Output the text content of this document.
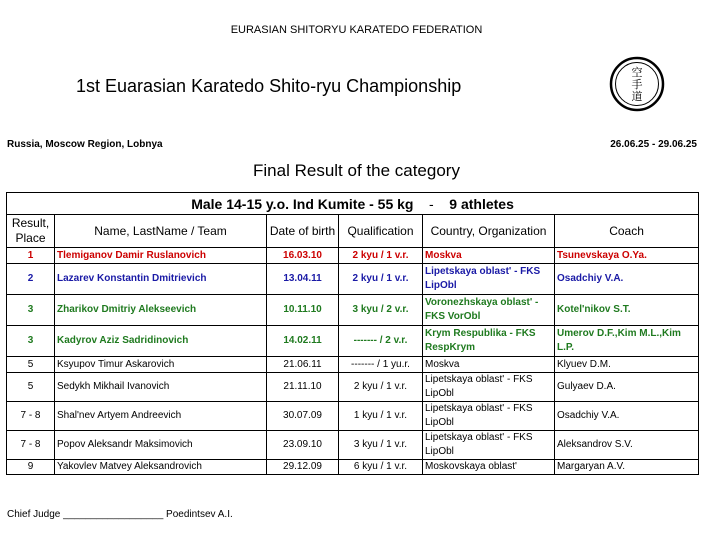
EURASIAN SHITORYU KARATEDO FEDERATION
1st Euarasian Karatedo Shito-ryu Championship
空
手
道
Russia, Moscow Region, Lobnya	26.06.25 - 29.06.25
Final Result of the category
Male 14-15 y.o. Ind Kumite - 55 kg - 9 athletes					
Result, Place	Name, LastName / Team	Date of birth	Qualification	Country, Organization	Coach
1	Tlemiganov Damir Ruslanovich	16.03.10	2 kyu / 1 v.r.	Moskva	Tsunevskaya O.Ya.
2	Lazarev Konstantin Dmitrievich	13.04.11	2 kyu / 1 v.r.	Lipetskaya oblast' - FKS LipObl	Osadchiy V.A.
3	Zharikov Dmitriy Alekseevich	10.11.10	3 kyu / 2 v.r.	Voronezhskaya oblast' - FKS VorObl	Kotel'nikov S.T.
3	Kadyrov Aziz Sadridinovich	14.02.11	------- / 2 v.r.	Krym Respublika - FKS RespKrym	Umerov D.F.,Kim M.L.,Kim L.P.
5	Ksyupov Timur Askarovich	21.06.11	------- / 1 yu.r.	Moskva	Klyuev D.M.
5	Sedykh Mikhail Ivanovich	21.11.10	2 kyu / 1 v.r.	Lipetskaya oblast' - FKS LipObl	Gulyaev D.A.
7 - 8	Shal'nev Artyem Andreevich	30.07.09	1 kyu / 1 v.r.	Lipetskaya oblast' - FKS LipObl	Osadchiy V.A.
7 - 8	Popov Aleksandr Maksimovich	23.09.10	3 kyu / 1 v.r.	Lipetskaya oblast' - FKS LipObl	Aleksandrov S.V.
9	Yakovlev Matvey Aleksandrovich	29.12.09	6 kyu / 1 v.r.	Moskovskaya oblast'	Margaryan A.V.
Chief Judge __________________ Poedintsev A.I.
